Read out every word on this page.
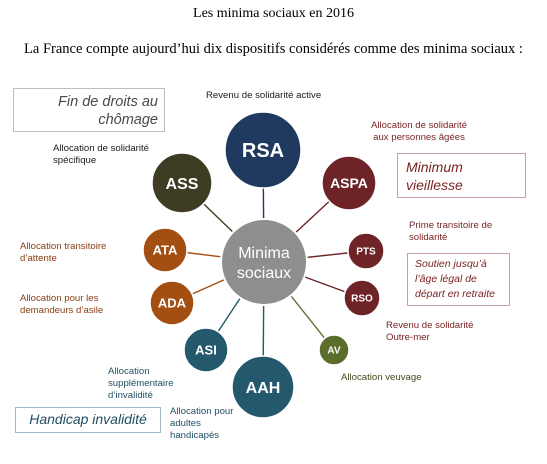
Les minima sociaux en 2016
La France compte aujourd’hui dix dispositifs considérés comme des minima sociaux :
RSA
ASPA
PTS
RSO
AV
AAH
ASI
ADA
ATA
ASS
Minima
sociaux
Fin de droits au
chômage
Minimum
vieillesse
Soutien jusqu’à
l’âge légal de
départ en retraite
Handicap invalidité
Revenu de solidarité active
Allocation de solidarité
aux personnes âgées
Prime transitoire de
solidarité
Revenu de solidarité
Outre-mer
Allocation veuvage
Allocation pour
adultes
handicapés
Allocation
supplémentaire
d’invalidité
Allocation pour les
demandeurs d’asile
Allocation transitoire
d’attente
Allocation de solidarité
spécifique
